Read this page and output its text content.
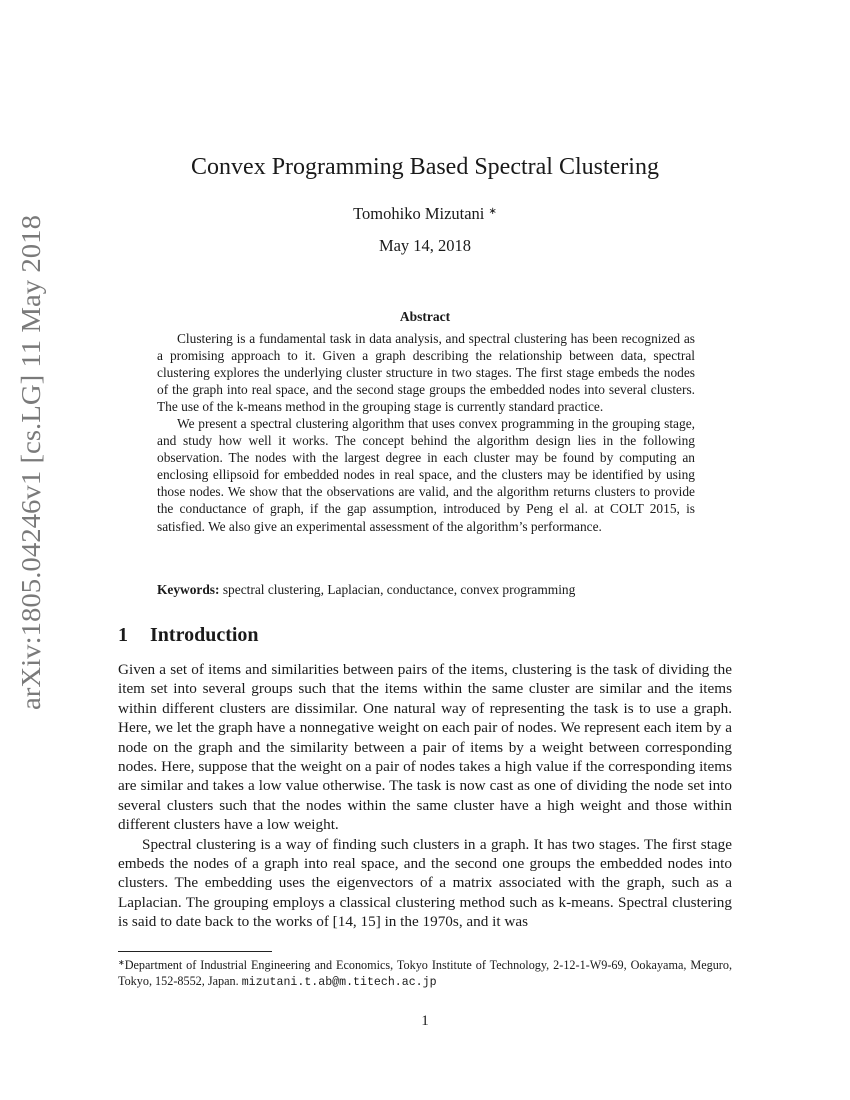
arXiv:1805.04246v1 [cs.LG] 11 May 2018
Convex Programming Based Spectral Clustering
Tomohiko Mizutani ∗
May 14, 2018
Abstract

Clustering is a fundamental task in data analysis, and spectral clustering has been recognized as a promising approach to it. Given a graph describing the relationship between data, spectral clustering explores the underlying cluster structure in two stages. The first stage embeds the nodes of the graph into real space, and the second stage groups the embedded nodes into several clusters. The use of the k-means method in the grouping stage is currently standard practice.

We present a spectral clustering algorithm that uses convex programming in the grouping stage, and study how well it works. The concept behind the algorithm design lies in the following observation. The nodes with the largest degree in each cluster may be found by computing an enclosing ellipsoid for embedded nodes in real space, and the clusters may be identified by using those nodes. We show that the observations are valid, and the algorithm returns clusters to provide the conductance of graph, if the gap assumption, introduced by Peng el al. at COLT 2015, is satisfied. We also give an experimental assessment of the algorithm’s performance.

Keywords: spectral clustering, Laplacian, conductance, convex programming
1 Introduction

Given a set of items and similarities between pairs of the items, clustering is the task of dividing the item set into several groups such that the items within the same cluster are similar and the items within different clusters are dissimilar. One natural way of representing the task is to use a graph. Here, we let the graph have a nonnegative weight on each pair of nodes. We represent each item by a node on the graph and the similarity between a pair of items by a weight between corresponding nodes. Here, suppose that the weight on a pair of nodes takes a high value if the corresponding items are similar and takes a low value otherwise. The task is now cast as one of dividing the node set into several clusters such that the nodes within the same cluster have a high weight and those within different clusters have a low weight.

Spectral clustering is a way of finding such clusters in a graph. It has two stages. The first stage embeds the nodes of a graph into real space, and the second one groups the embedded nodes into clusters. The embedding uses the eigenvectors of a matrix associated with the graph, such as a Laplacian. The grouping employs a classical clustering method such as k-means. Spectral clustering is said to date back to the works of [14, 15] in the 1970s, and it was

∗Department of Industrial Engineering and Economics, Tokyo Institute of Technology, 2-12-1-W9-69, Ookayama, Meguro, Tokyo, 152-8552, Japan. mizutani.t.ab@m.titech.ac.jp
1
